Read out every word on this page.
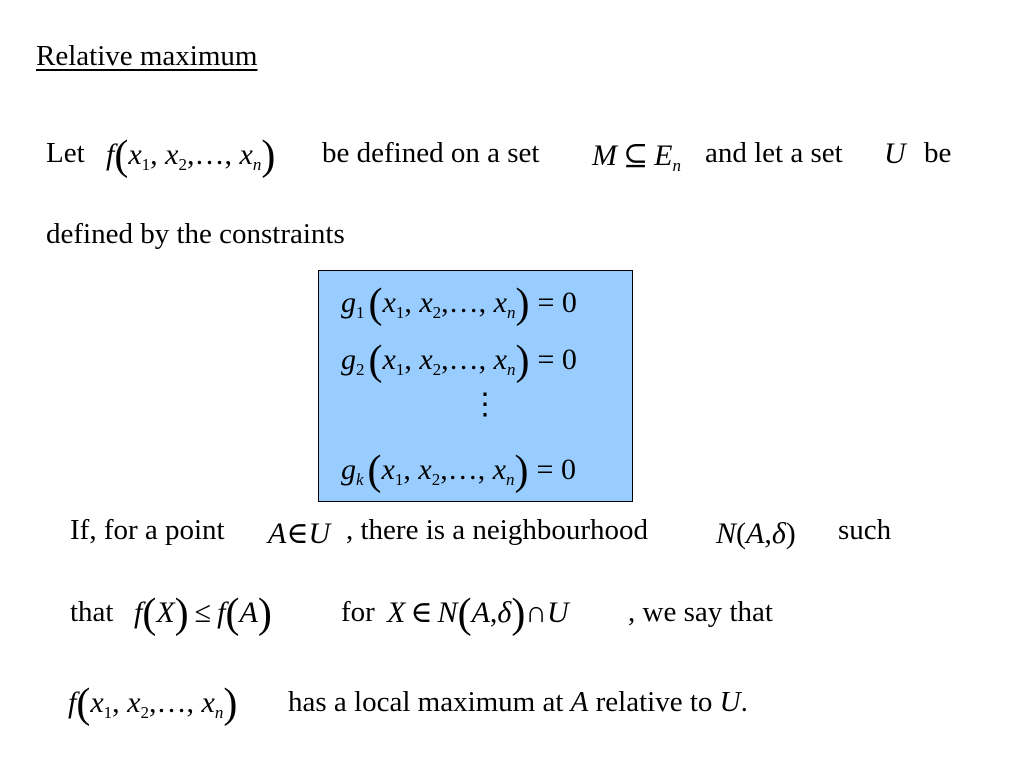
Relative maximum
Let $f(x_1$, $x_2,\dots$, $x_n$) be defined on a set M ⊆ $E_n$ and let a set U be
defined by the constraints
$g_1(x_1$, $x_2,\dots$, $x_n) = 0$
$g_2(x_1$, $x_2,\dots$, $x_n) = 0$
⋮
$g_k(x_1$, $x_2,\dots$, $x_n) = 0$
If, for a point A∈U , there is a neighbourhood N(A,δ) such
that f(X) ≤ f(A) for X ∈ N(A,δ)∩U , we say that
$f(x_1$, $x_2,\dots$, $x_n$) has a local maximum at A relative to U.
